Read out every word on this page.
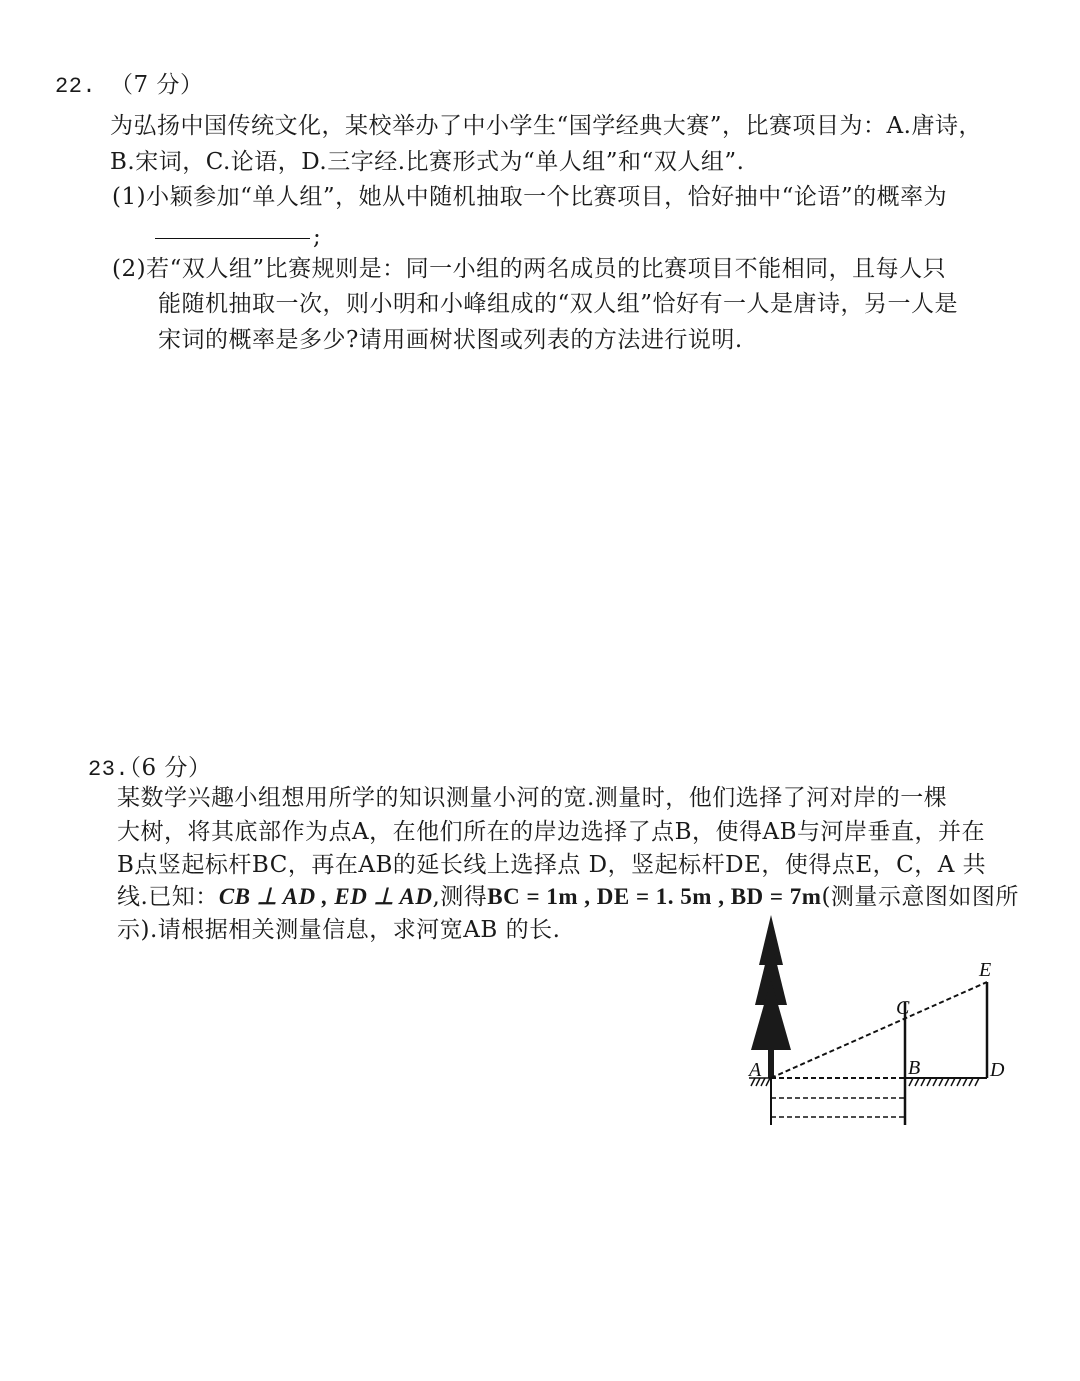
22. （7 分）
为弘扬中国传统文化，某校举办了中小学生“国学经典大赛”，比赛项目为：A.唐诗，
B.宋词，C.论语，D.三字经.比赛形式为“单人组”和“双人组”.
(1)小颖参加“单人组”，她从中随机抽取一个比赛项目，恰好抽中“论语”的概率为
;
(2)若“双人组”比赛规则是：同一小组的两名成员的比赛项目不能相同，且每人只
能随机抽取一次，则小明和小峰组成的“双人组”恰好有一人是唐诗，另一人是
宋词的概率是多少?请用画树状图或列表的方法进行说明.
23.
（6 分）
某数学兴趣小组想用所学的知识测量小河的宽.测量时，他们选择了河对岸的一棵
大树，将其底部作为点A，在他们所在的岸边选择了点B，使得AB与河岸垂直，并在
B点竖起标杆BC，再在AB的延长线上选择点 D，竖起标杆DE，使得点E，C，A 共
线.已知：CB ⊥ AD , ED ⊥ AD,测得BC = 1m , DE = 1. 5m , BD = 7m(测量示意图如图所
示).请根据相关测量信息，求河宽AB 的长.
A	B
C
D
E
